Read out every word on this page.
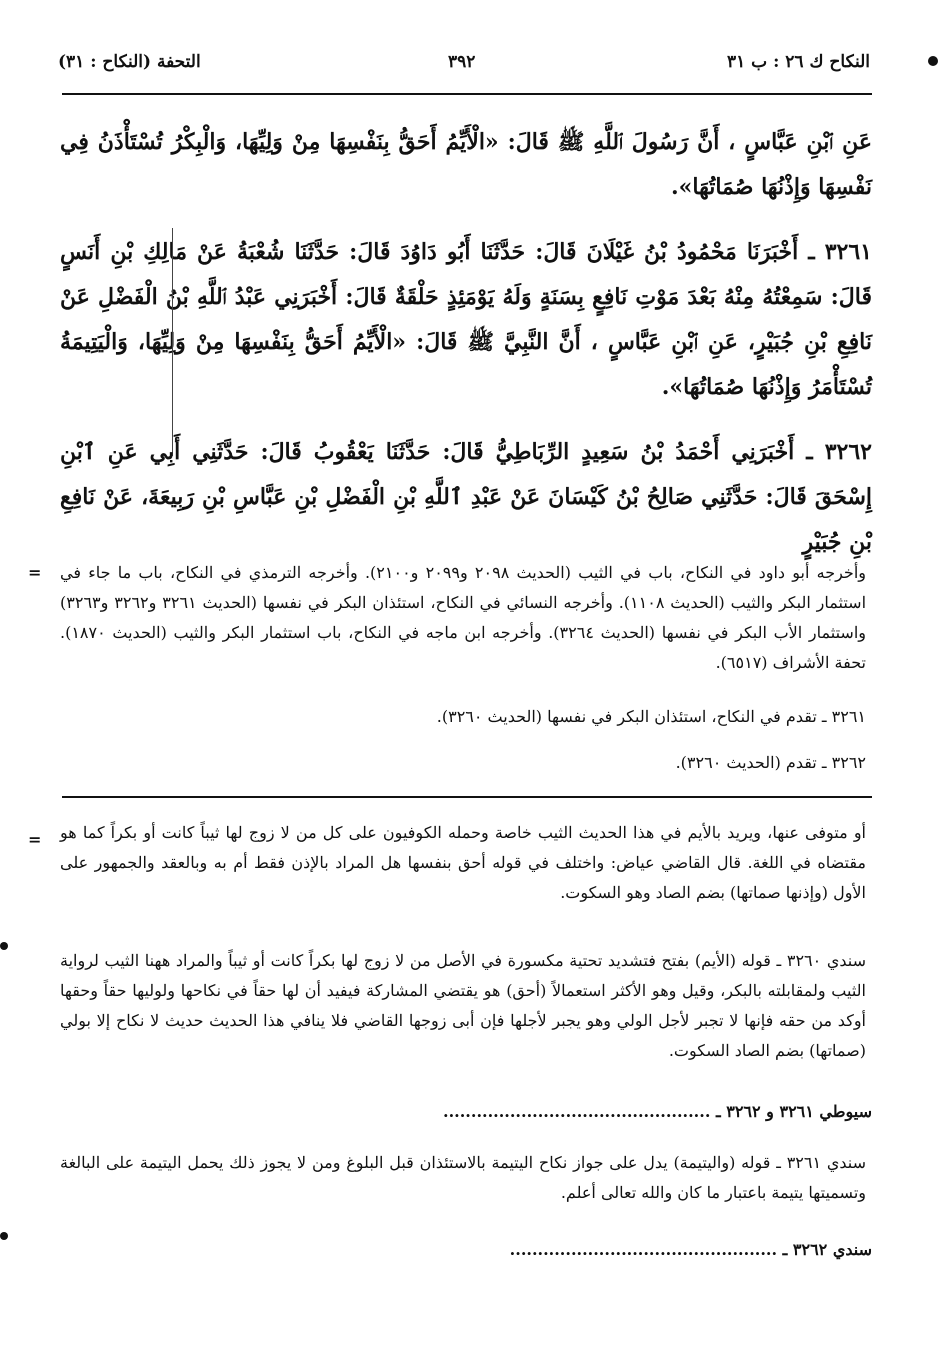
النكاح ك ٢٦ : ب ٣١
٣٩٢
التحفة (النكاح : ٣١)
عَنِ ٱبْنِ عَبَّاسٍ ، أَنَّ رَسُولَ ٱللَّهِ ﷺ قَالَ: «الْأَيِّمُ أَحَقُّ بِنَفْسِهَا مِنْ وَلِيِّهَا، وَالْبِكْرُ تُسْتَأْذَنُ فِي نَفْسِهَا وَإِذْنُهَا صُمَاتُهَا».
٣٢٦١ ـ أَخْبَرَنَا مَحْمُودُ بْنُ غَيْلَانَ قَالَ: حَدَّثَنَا أَبُو دَاوُدَ قَالَ: حَدَّثَنَا شُعْبَةُ عَنْ مَالِكِ بْنِ أَنَسٍ قَالَ: سَمِعْتُهُ مِنْهُ بَعْدَ مَوْتِ نَافِعٍ بِسَنَةٍ وَلَهُ يَوْمَئِذٍ حَلْقَةٌ قَالَ: أَخْبَرَنِي عَبْدُ ٱللَّهِ بْنُ الْفَضْلِ عَنْ نَافِعِ بْنِ جُبَيْرٍ، عَنِ ٱبْنِ عَبَّاسٍ ، أَنَّ النَّبِيَّ ﷺ قَالَ: «الْأَيِّمُ أَحَقُّ بِنَفْسِهَا مِنْ وَلِيِّهَا، وَالْيَتِيمَةُ تُسْتَأْمَرُ وَإِذْنُهَا صُمَاتُهَا».
٣٢٦٢ ـ أَخْبَرَنِي أَحْمَدُ بْنُ سَعِيدٍ الرِّبَاطِيُّ قَالَ: حَدَّثَنَا يَعْقُوبُ قَالَ: حَدَّثَنِي أَبِي عَنِ ٱبْنِ إِسْحَقَ قَالَ: حَدَّثَنِي صَالِحُ بْنُ كَيْسَانَ عَنْ عَبْدِ ٱللَّهِ بْنِ الْفَضْلِ بْنِ عَبَّاسِ بْنِ رَبِيعَةَ، عَنْ نَافِعِ بْنِ جُبَيْرٍ
= وأخرجه أبو داود في النكاح، باب في الثيب (الحديث ٢٠٩٨ و٢٠٩٩ و٢١٠٠). وأخرجه الترمذي في النكاح، باب ما جاء في استثمار البكر والثيب (الحديث ١١٠٨). وأخرجه النسائي في النكاح، استئذان البكر في نفسها (الحديث ٣٢٦١ و٣٢٦٢ و٣٢٦٣) واستثمار الأب البكر في نفسها (الحديث ٣٢٦٤). وأخرجه ابن ماجه في النكاح، باب استثمار البكر والثيب (الحديث ١٨٧٠). تحفة الأشراف (٦٥١٧).
٣٢٦١ ـ تقدم في النكاح، استئذان البكر في نفسها (الحديث ٣٢٦٠).
٣٢٦٢ ـ تقدم (الحديث ٣٢٦٠).
= أو متوفى عنها، ويريد بالأيم في هذا الحديث الثيب خاصة وحمله الكوفيون على كل من لا زوج لها ثيباً كانت أو بكراً كما هو مقتضاه في اللغة. قال القاضي عياض: واختلف في قوله أحق بنفسها هل المراد بالإذن فقط أم به وبالعقد والجمهور على الأول (وإذنها صماتها) بضم الصاد وهو السكوت.
سندي ٣٢٦٠ ـ قوله (الأيم) بفتح فتشديد تحتية مكسورة في الأصل من لا زوج لها بكراً كانت أو ثيباً والمراد ههنا الثيب لرواية الثيب ولمقابلته بالبكر، وقيل وهو الأكثر استعمالاً (أحق) هو يقتضي المشاركة فيفيد أن لها حقاً في نكاحها ولوليها حقاً وحقها أوكد من حقه فإنها لا تجبر لأجل الولي وهو يجبر لأجلها فإن أبى زوجها القاضي فلا ينافي هذا الحديث حديث لا نكاح إلا بولي (صماتها) بضم الصاد السكوت.
سيوطي ٣٢٦١ و ٣٢٦٢ ـ ................................................
سندي ٣٢٦١ ـ قوله (واليتيمة) يدل على جواز نكاح اليتيمة بالاستئذان قبل البلوغ ومن لا يجوز ذلك يحمل اليتيمة على البالغة وتسميتها يتيمة باعتبار ما كان والله تعالى أعلم.
سندي ٣٢٦٢ ـ ................................................
